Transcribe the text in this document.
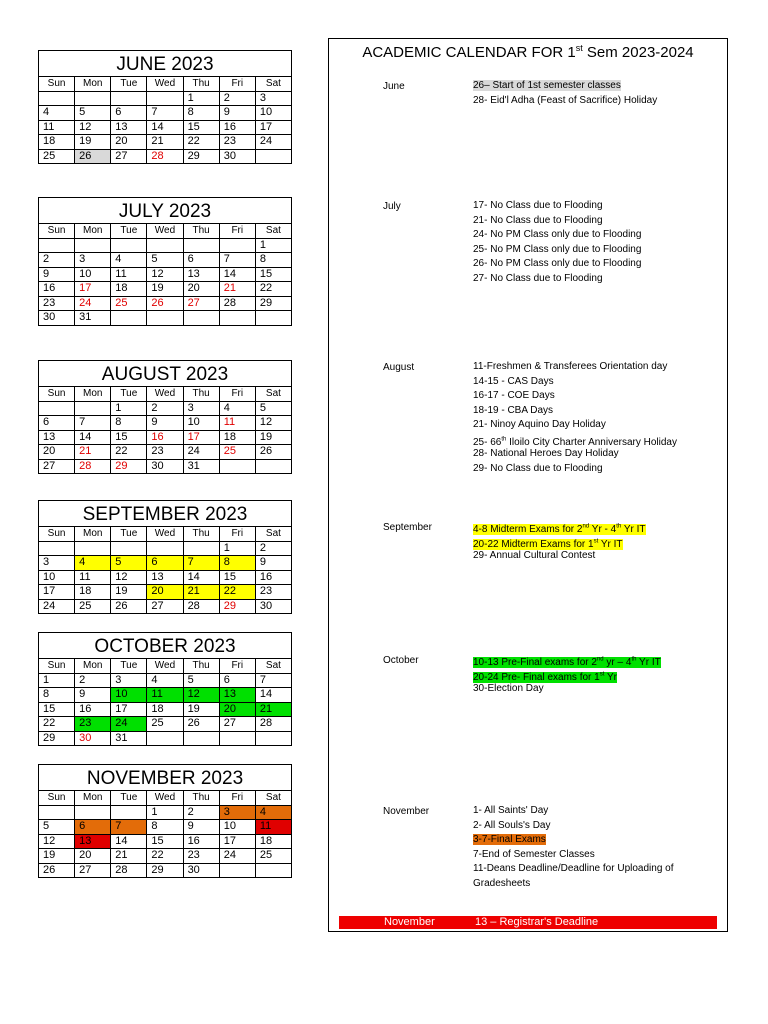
JUNE 2023
Sun	Mon	Tue	Wed	Thu	Fri	Sat
				1	2	3
4	5	6	7	8	9	10
11	12	13	14	15	16	17
18	19	20	21	22	23	24
25	26	27	28	29	30	
JULY 2023
Sun	Mon	Tue	Wed	Thu	Fri	Sat
						1
2	3	4	5	6	7	8
9	10	11	12	13	14	15
16	17	18	19	20	21	22
23	24	25	26	27	28	29
30	31					
AUGUST 2023
Sun	Mon	Tue	Wed	Thu	Fri	Sat
		1	2	3	4	5
6	7	8	9	10	11	12
13	14	15	16	17	18	19
20	21	22	23	24	25	26
27	28	29	30	31		
SEPTEMBER 2023
Sun	Mon	Tue	Wed	Thu	Fri	Sat
					1	2
3	4	5	6	7	8	9
10	11	12	13	14	15	16
17	18	19	20	21	22	23
24	25	26	27	28	29	30
OCTOBER 2023
Sun	Mon	Tue	Wed	Thu	Fri	Sat
1	2	3	4	5	6	7
8	9	10	11	12	13	14
15	16	17	18	19	20	21
22	23	24	25	26	27	28
29	30	31				
NOVEMBER 2023
Sun	Mon	Tue	Wed	Thu	Fri	Sat
			1	2	3	4
5	6	7	8	9	10	11
12	13	14	15	16	17	18
19	20	21	22	23	24	25
26	27	28	29	30		
ACADEMIC CALENDAR FOR 1st Sem 2023-2024
June	26– Start of 1st semester classes
28- Eid'l Adha (Feast of Sacrifice) Holiday
July	17- No Class due to Flooding
21- No Class due to Flooding
24- No PM Class only due to Flooding
25- No PM Class only due to Flooding
26- No PM Class only due to Flooding
27- No Class due to Flooding
August	11-Freshmen & Transferees Orientation day
14-15 - CAS Days
16-17 - COE Days
18-19 - CBA Days
21- Ninoy Aquino Day Holiday
25- 66th Iloilo City Charter Anniversary Holiday
28- National Heroes Day Holiday
29- No Class due to Flooding
September	4-8 Midterm Exams for 2nd Yr - 4th Yr IT
20-22 Midterm Exams for 1st Yr IT
29- Annual Cultural Contest
October	10-13 Pre-Final exams for 2nd yr – 4th Yr IT
20-24 Pre- Final exams for 1st Yr
30-Election Day
November	1- All Saints' Day
2- All Souls's Day
3-7-Final Exams
7-End of Semester Classes
11-Deans Deadline/Deadline for Uploading of
Gradesheets
November	13 – Registrar's Deadline
